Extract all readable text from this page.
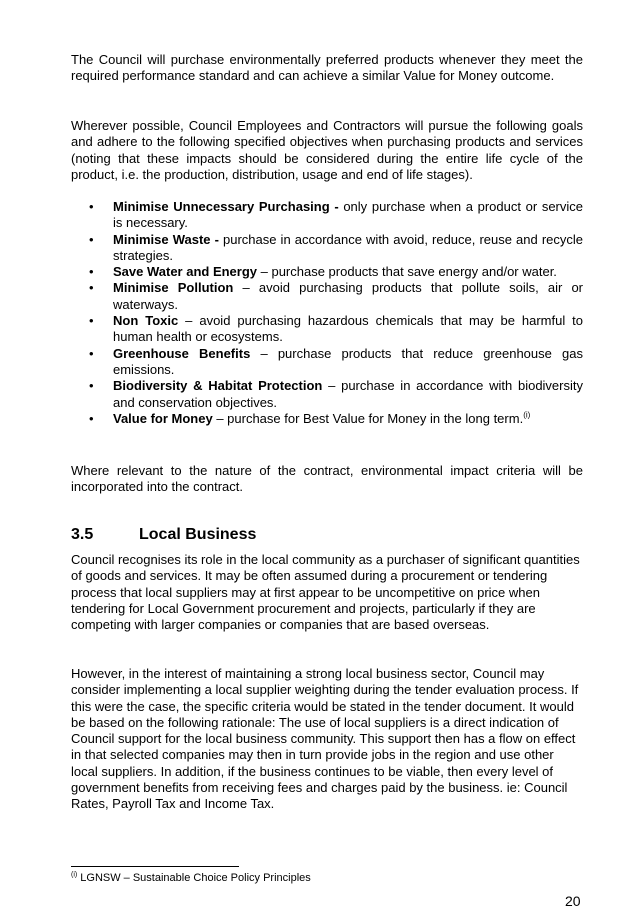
The Council will purchase environmentally preferred products whenever they meet the required performance standard and can achieve a similar Value for Money outcome.

Wherever possible, Council Employees and Contractors will pursue the following goals and adhere to the following specified objectives when purchasing products and services (noting that these impacts should be considered during the entire life cycle of the product, i.e. the production, distribution, usage and end of life stages).

• Minimise Unnecessary Purchasing - only purchase when a product or service is necessary.
• Minimise Waste - purchase in accordance with avoid, reduce, reuse and recycle strategies.
• Save Water and Energy – purchase products that save energy and/or water.
• Minimise Pollution – avoid purchasing products that pollute soils, air or waterways.
• Non Toxic – avoid purchasing hazardous chemicals that may be harmful to human health or ecosystems.
• Greenhouse Benefits – purchase products that reduce greenhouse gas emissions.
• Biodiversity & Habitat Protection – purchase in accordance with biodiversity and conservation objectives.
• Value for Money – purchase for Best Value for Money in the long term.$^{(i)}$

Where relevant to the nature of the contract, environmental impact criteria will be incorporated into the contract.

3.5	Local Business

Council recognises its role in the local community as a purchaser of significant quantities of goods and services. It may be often assumed during a procurement or tendering process that local suppliers may at first appear to be uncompetitive on price when tendering for Local Government procurement and projects, particularly if they are competing with larger companies or companies that are based overseas.

However, in the interest of maintaining a strong local business sector, Council may consider implementing a local supplier weighting during the tender evaluation process. If this were the case, the specific criteria would be stated in the tender document. It would be based on the following rationale: The use of local suppliers is a direct indication of Council support for the local business community. This support then has a flow on effect in that selected companies may then in turn provide jobs in the region and use other local suppliers. In addition, if the business continues to be viable, then every level of government benefits from receiving fees and charges paid by the business. ie: Council Rates, Payroll Tax and Income Tax.

$^{(i)}$ LGNSW – Sustainable Choice Policy Principles
20
